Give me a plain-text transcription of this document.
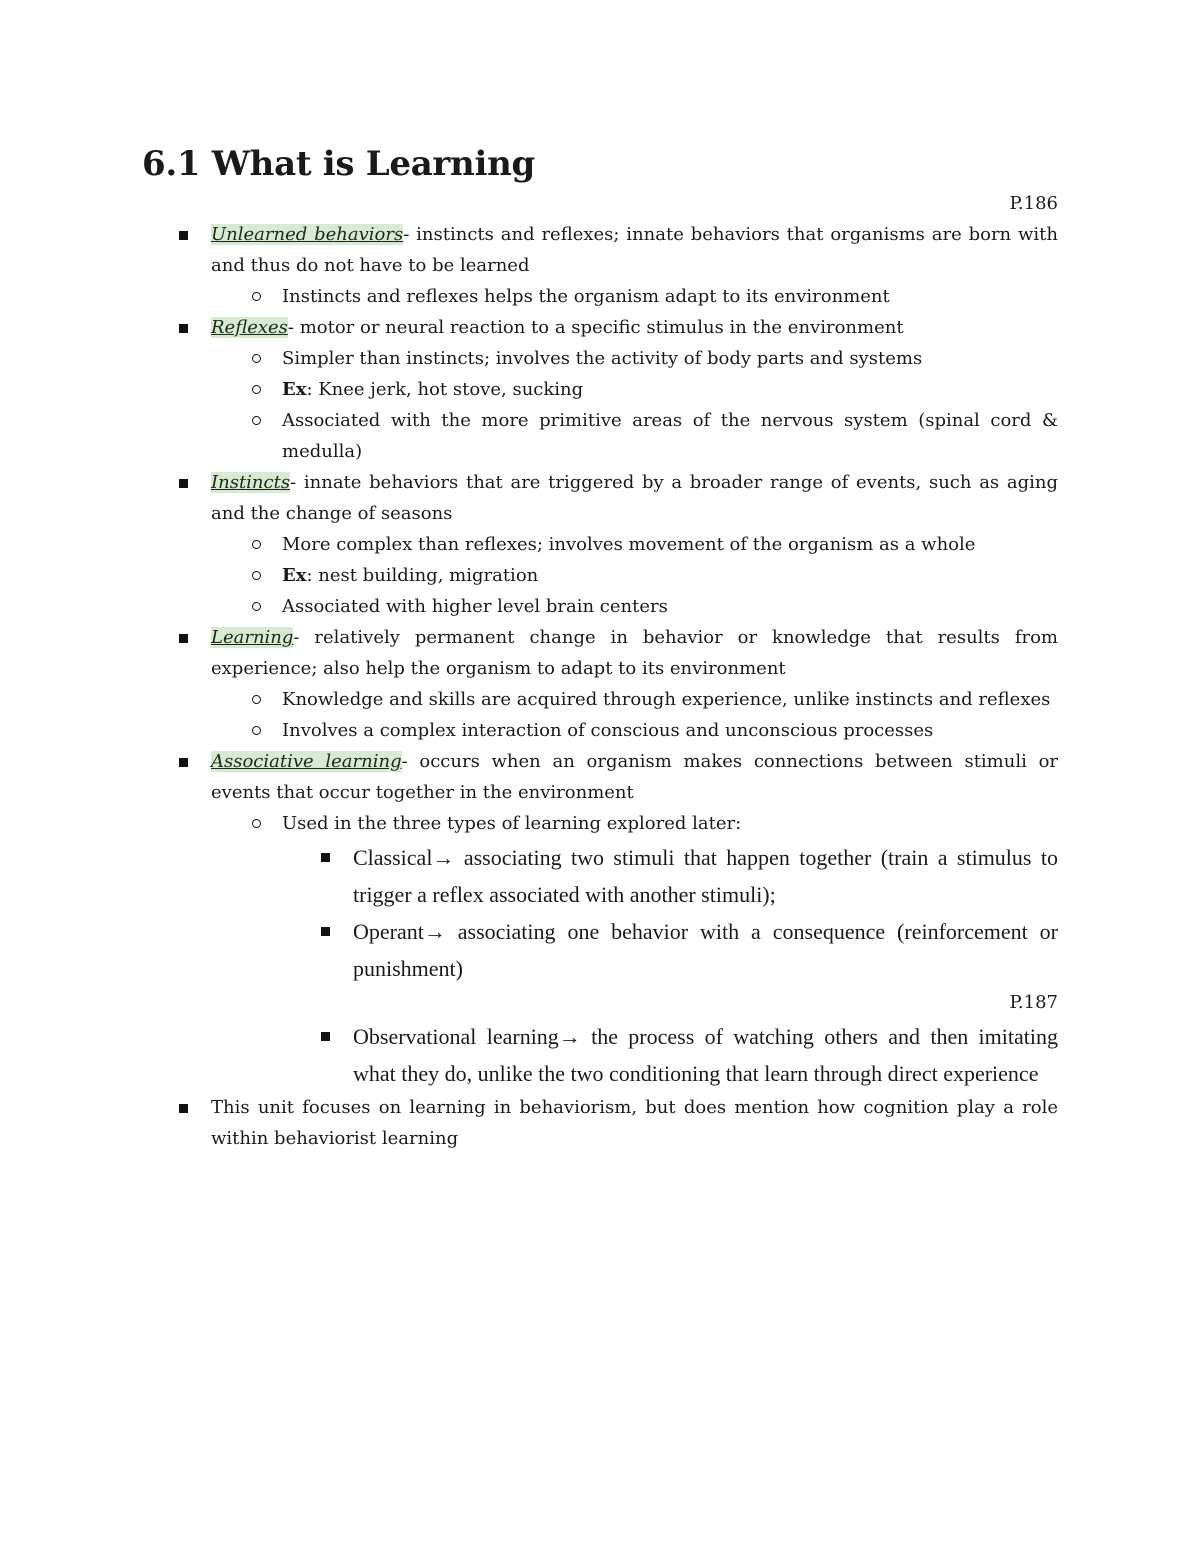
6.1 What is Learning
P.186
Unlearned behaviors- instincts and reflexes; innate behaviors that organisms are born with and thus do not have to be learned
Instincts and reflexes helps the organism adapt to its environment
Reflexes- motor or neural reaction to a specific stimulus in the environment
Simpler than instincts; involves the activity of body parts and systems
Ex: Knee jerk, hot stove, sucking
Associated with the more primitive areas of the nervous system (spinal cord & medulla)
Instincts- innate behaviors that are triggered by a broader range of events, such as aging and the change of seasons
More complex than reflexes; involves movement of the organism as a whole
Ex: nest building, migration
Associated with higher level brain centers
Learning- relatively permanent change in behavior or knowledge that results from experience; also help the organism to adapt to its environment
Knowledge and skills are acquired through experience, unlike instincts and reflexes
Involves a complex interaction of conscious and unconscious processes
Associative learning- occurs when an organism makes connections between stimuli or events that occur together in the environment
Used in the three types of learning explored later:
Classical→ associating two stimuli that happen together (train a stimulus to trigger a reflex associated with another stimuli);
Operant→ associating one behavior with a consequence (reinforcement or punishment)
P.187
Observational learning→ the process of watching others and then imitating what they do, unlike the two conditioning that learn through direct experience
This unit focuses on learning in behaviorism, but does mention how cognition play a role within behaviorist learning
